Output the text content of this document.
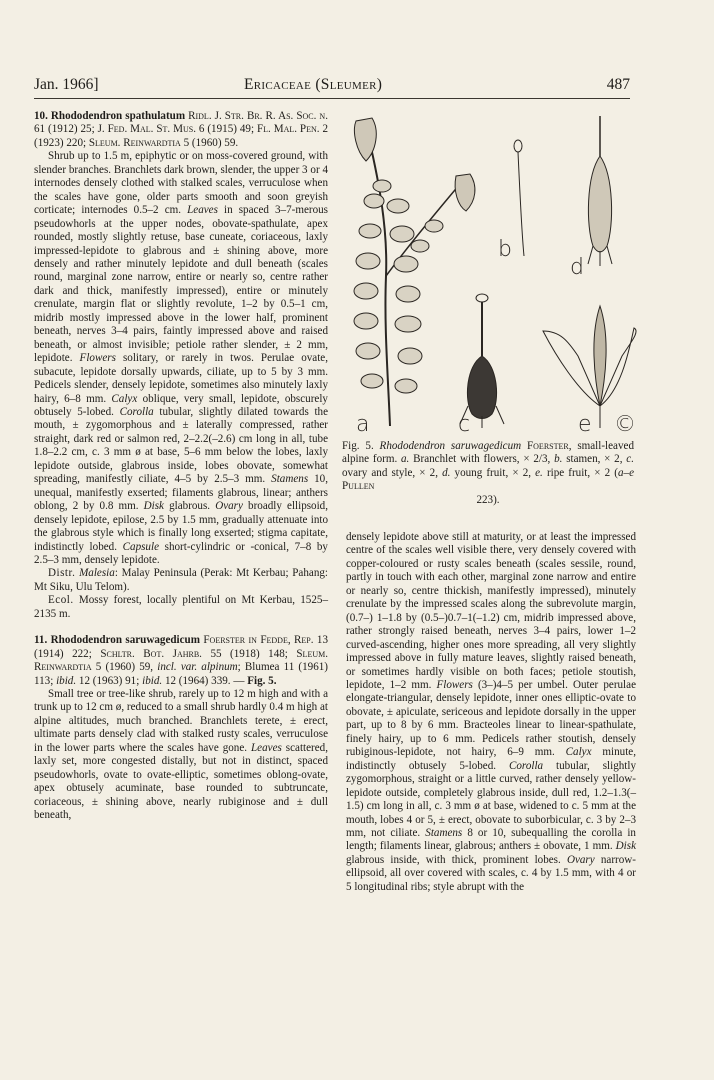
Jan. 1966]	Ericaceae (Sleumer)	487

10. Rhododendron spathulatum Ridl. J. Str. Br. R. As. Soc. n. 61 (1912) 25; J. Fed. Mal. St. Mus. 6 (1915) 49; Fl. Mal. Pen. 2 (1923) 220; Sleum. Reinwardtia 5 (1960) 59.

Shrub up to 1.5 m, epiphytic or on moss-covered ground, with slender branches. Branchlets dark brown, slender, the upper 3 or 4 internodes densely clothed with stalked scales, verruculose when the scales have gone, older parts smooth and soon greyish corticate; internodes 0.5–2 cm. Leaves in spaced 3–7-merous pseudowhorls at the upper nodes, obovate-spathulate, apex rounded, mostly slightly retuse, base cuneate, coriaceous, laxly impressed-lepidote to glabrous and ± shining above, more densely and rather minutely lepidote and dull beneath (scales round, marginal zone narrow, entire or nearly so, centre rather dark and thick, manifestly impressed), entire or minutely crenulate, margin flat or slightly revolute, 1–2 by 0.5–1 cm, midrib mostly impressed above in the lower half, prominent beneath, nerves 3–4 pairs, faintly impressed above and raised beneath, or almost invisible; petiole rather slender, ± 2 mm, lepidote. Flowers solitary, or rarely in twos. Perulae ovate, subacute, lepidote dorsally upwards, ciliate, up to 5 by 3 mm. Pedicels slender, densely lepidote, sometimes also minutely laxly hairy, 6–8 mm. Calyx oblique, very small, lepidote, obscurely obtusely 5-lobed. Corolla tubular, slightly dilated towards the mouth, ± zygomorphous and ± laterally compressed, rather straight, dark red or salmon red, 2–2.2(–2.6) cm long in all, tube 1.8–2.2 cm, c. 3 mm ø at base, 5–6 mm below the lobes, laxly lepidote outside, glabrous inside, lobes obovate, somewhat spreading, manifestly ciliate, 4–5 by 2.5–3 mm. Stamens 10, unequal, manifestly exserted; filaments glabrous, linear; anthers oblong, 2 by 0.8 mm. Disk glabrous. Ovary broadly ellipsoid, densely lepidote, epilose, 2.5 by 1.5 mm, gradually attenuate into the glabrous style which is finally long exserted; stigma capitate, indistinctly lobed. Capsule short-cylindric or -conical, 7–8 by 2.5–3 mm, densely lepidote.

Distr. Malesia: Malay Peninsula (Perak: Mt Kerbau; Pahang: Mt Siku, Ulu Telom).

Ecol. Mossy forest, locally plentiful on Mt Kerbau, 1525–2135 m.

11. Rhododendron saruwagedicum Foerster in Fedde, Rep. 13 (1914) 222; Schltr. Bot. Jahrb. 55 (1918) 148; Sleum. Reinwardtia 5 (1960) 59, incl. var. alpinum; Blumea 11 (1961) 113; ibid. 12 (1963) 91; ibid. 12 (1964) 339. — Fig. 5.

Small tree or tree-like shrub, rarely up to 12 m high and with a trunk up to 12 cm ø, reduced to a small shrub hardly 0.4 m high at alpine altitudes, much branched. Branchlets terete, ± erect, ultimate parts densely clad with stalked rusty scales, verruculose in the lower parts where the scales have gone. Leaves scattered, laxly set, more congested distally, but not in distinct, spaced pseudowhorls, ovate to ovate-elliptic, sometimes oblong-ovate, apex obtusely acuminate, base rounded to subtruncate, coriaceous, ± shining above, nearly rubiginose and ± dull beneath,

a
b
c
d
e ©
Fig. 5. Rhododendron saruwagedicum Foerster, small-leaved alpine form. a. Branchlet with flowers, × 2/3, b. stamen, × 2, c. ovary and style, × 2, d. young fruit, × 2, e. ripe fruit, × 2 (a–e Pullen
223).

densely lepidote above still at maturity, or at least the impressed centre of the scales well visible there, very densely covered with copper-coloured or rusty scales beneath (scales sessile, round, partly in touch with each other, marginal zone narrow and entire or nearly so, centre thickish, manifestly impressed), minutely crenulate by the impressed scales along the subrevolute margin, (0.7–) 1–1.8 by (0.5–)0.7–1(–1.2) cm, midrib impressed above, rather strongly raised beneath, nerves 3–4 pairs, lower 1–2 curved-ascending, higher ones more spreading, all very slightly impressed above in fully mature leaves, slightly raised beneath, or sometimes hardly visible on both faces; petiole stoutish, lepidote, 1–2 mm. Flowers (3–)4–5 per umbel. Outer perulae elongate-triangular, densely lepidote, inner ones elliptic-ovate to obovate, ± apiculate, sericeous and lepidote dorsally in the upper part, up to 8 by 6 mm. Bracteoles linear to linear-spathulate, finely hairy, up to 6 mm. Pedicels rather stoutish, densely rubiginous-lepidote, not hairy, 6–9 mm. Calyx minute, indistinctly obtusely 5-lobed. Corolla tubular, slightly zygomorphous, straight or a little curved, rather densely yellow-lepidote outside, completely glabrous inside, dull red, 1.2–1.3(–1.5) cm long in all, c. 3 mm ø at base, widened to c. 5 mm at the mouth, lobes 4 or 5, ± erect, obovate to suborbicular, c. 3 by 2–3 mm, not ciliate. Stamens 8 or 10, subequalling the corolla in length; filaments linear, glabrous; anthers ± obovate, 1 mm. Disk glabrous inside, with thick, prominent lobes. Ovary narrow-ellipsoid, all over covered with scales, c. 4 by 1.5 mm, with 4 or 5 longitudinal ribs; style abrupt with the
